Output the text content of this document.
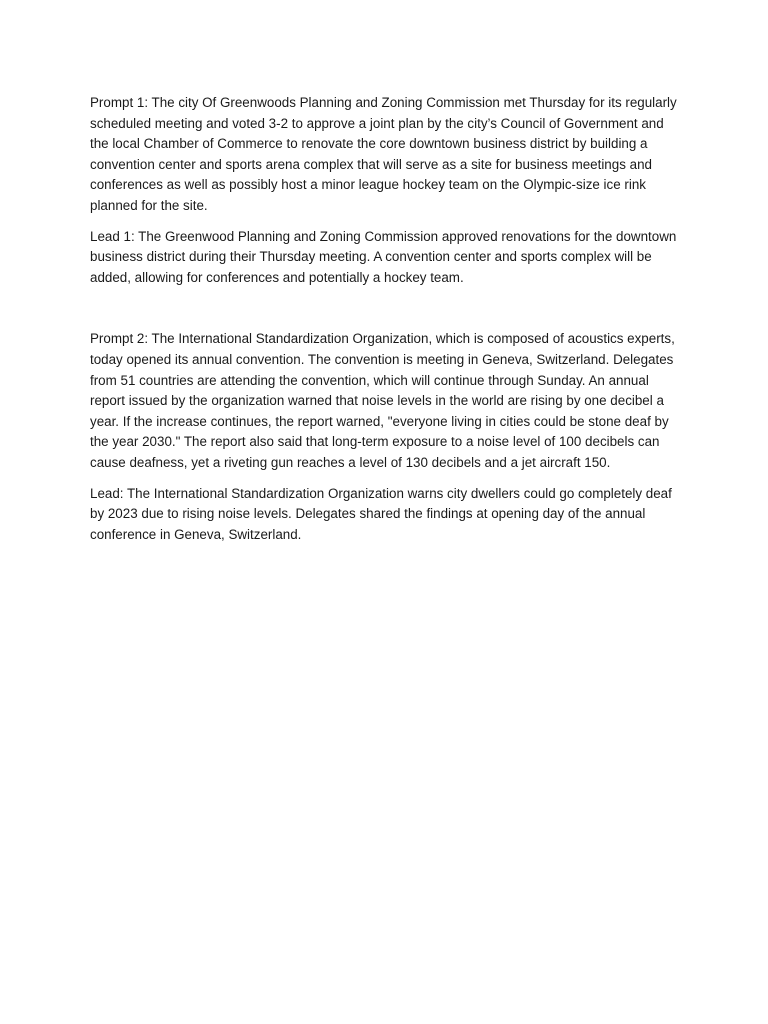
Prompt 1: The city Of Greenwoods Planning and Zoning Commission met Thursday for its regularly scheduled meeting and voted 3-2 to approve a joint plan by the city’s Council of Government and the local Chamber of Commerce to renovate the core downtown business district by building a convention center and sports arena complex that will serve as a site for business meetings and conferences as well as possibly host a minor league hockey team on the Olympic-size ice rink planned for the site.

Lead 1: The Greenwood Planning and Zoning Commission approved renovations for the downtown business district during their Thursday meeting. A convention center and sports complex will be added, allowing for conferences and potentially a hockey team.

Prompt 2: The International Standardization Organization, which is composed of acoustics experts, today opened its annual convention. The convention is meeting in Geneva, Switzerland. Delegates from 51 countries are attending the convention, which will continue through Sunday. An annual report issued by the organization warned that noise levels in the world are rising by one decibel a year. If the increase continues, the report warned, "everyone living in cities could be stone deaf by the year 2030." The report also said that long-term exposure to a noise level of 100 decibels can cause deafness, yet a riveting gun reaches a level of 130 decibels and a jet aircraft 150.

Lead: The International Standardization Organization warns city dwellers could go completely deaf by 2023 due to rising noise levels. Delegates shared the findings at opening day of the annual conference in Geneva, Switzerland.
